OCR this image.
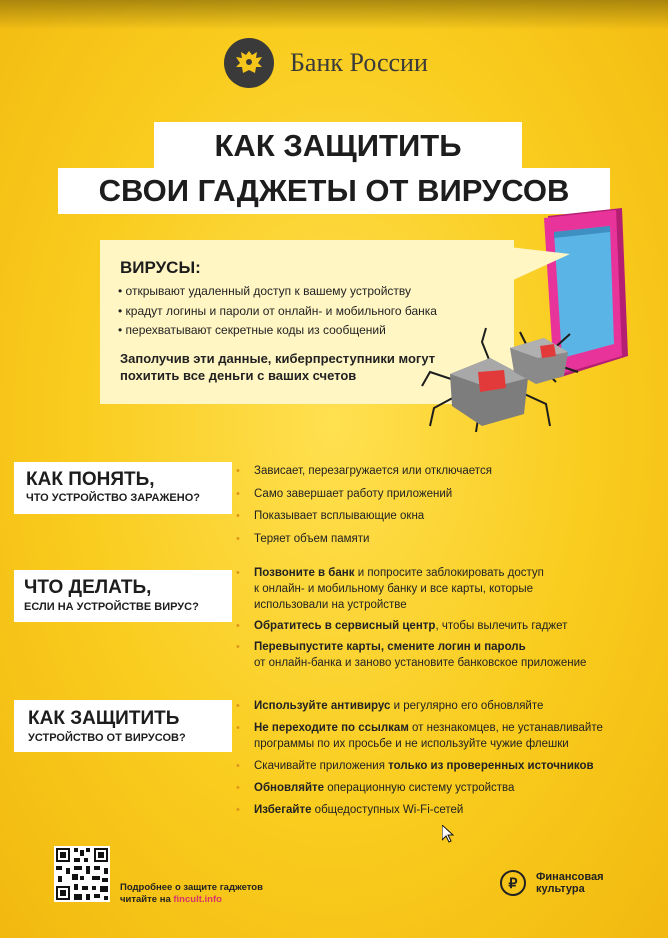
Банк России
КАК ЗАЩИТИТЬ
СВОИ ГАДЖЕТЫ ОТ ВИРУСОВ
ВИРУСЫ:
• открывают удаленный доступ к вашему устройству
• крадут логины и пароли от онлайн- и мобильного банка
• перехватывают секретные коды из сообщений
Заполучив эти данные, киберпреступники могут похитить все деньги с ваших счетов
КАК ПОНЯТЬ,
ЧТО УСТРОЙСТВО ЗАРАЖЕНО?
• Зависает, перезагружается или отключается
• Само завершает работу приложений
• Показывает всплывающие окна
• Теряет объем памяти
ЧТО ДЕЛАТЬ,
ЕСЛИ НА УСТРОЙСТВЕ ВИРУС?
• Позвоните в банк и попросите заблокировать доступ
к онлайн- и мобильному банку и все карты, которые
использовали на устройстве
• Обратитесь в сервисный центр, чтобы вылечить гаджет
• Перевыпустите карты, смените логин и пароль
от онлайн-банка и заново установите банковское приложение
КАК ЗАЩИТИТЬ
УСТРОЙСТВО ОТ ВИРУСОВ?
• Используйте антивирус и регулярно его обновляйте
• Не переходите по ссылкам от незнакомцев, не устанавливайте
программы по их просьбе и не используйте чужие флешки
• Скачивайте приложения только из проверенных источников
• Обновляйте операционную систему устройства
• Избегайте общедоступных Wi-Fi-сетей
Подробнее о защите гаджетов
читайте на fincult.info
₽	Финансовая
культура
